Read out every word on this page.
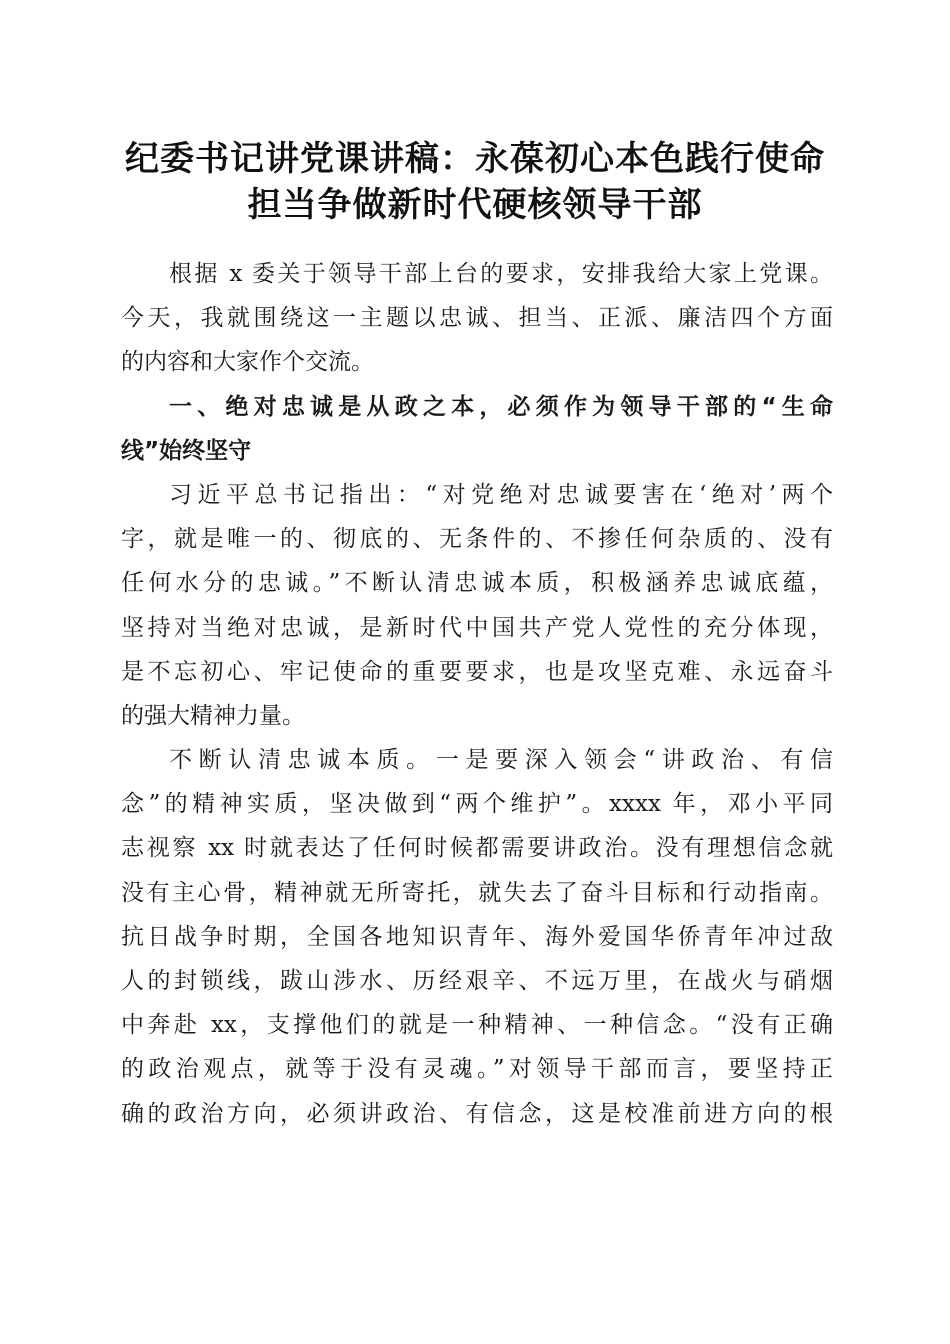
纪委书记讲党课讲稿：永葆初心本色践行使命
担当争做新时代硬核领导干部
根据 x 委关于领导干部上台的要求，安排我给大家上党课。
今天，我就围绕这一主题以忠诚、担当、正派、廉洁四个方面
的内容和大家作个交流。
一、绝对忠诚是从政之本，必须作为领导干部的“生命
线”始终坚守
习近平总书记指出：“对党绝对忠诚要害在‘绝对’两个
字，就是唯一的、彻底的、无条件的、不掺任何杂质的、没有
任何水分的忠诚。”不断认清忠诚本质，积极涵养忠诚底蕴，
坚持对当绝对忠诚，是新时代中国共产党人党性的充分体现，
是不忘初心、牢记使命的重要要求，也是攻坚克难、永远奋斗
的强大精神力量。
不断认清忠诚本质。一是要深入领会“讲政治、有信
念”的精神实质，坚决做到“两个维护”。xxxx 年，邓小平同
志视察 xx 时就表达了任何时候都需要讲政治。没有理想信念就
没有主心骨，精神就无所寄托，就失去了奋斗目标和行动指南。
抗日战争时期，全国各地知识青年、海外爱国华侨青年冲过敌
人的封锁线，跋山涉水、历经艰辛、不远万里，在战火与硝烟
中奔赴 xx，支撑他们的就是一种精神、一种信念。“没有正确
的政治观点，就等于没有灵魂。”对领导干部而言，要坚持正
确的政治方向，必须讲政治、有信念，这是校准前进方向的根
